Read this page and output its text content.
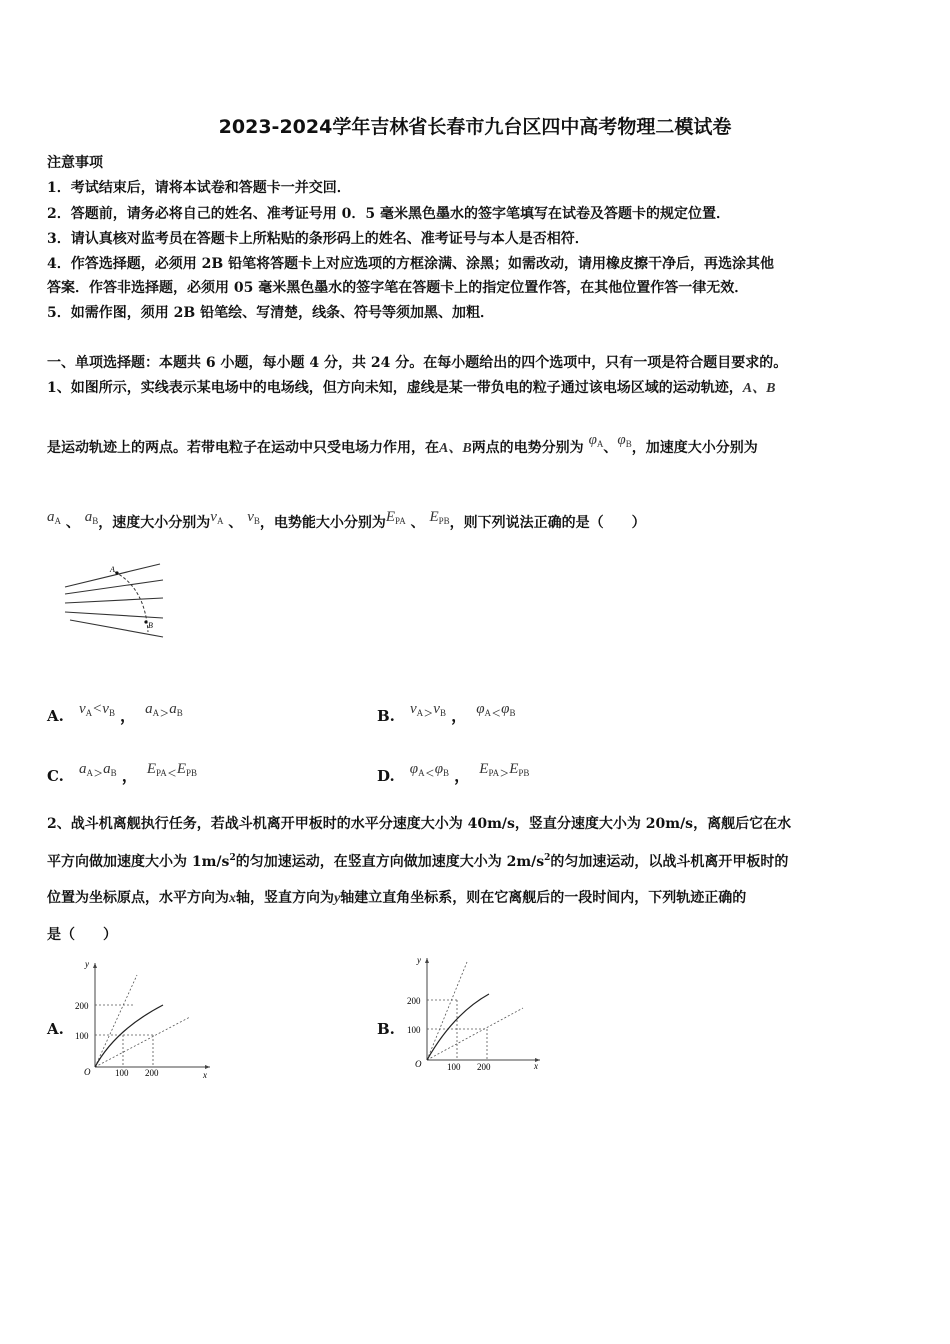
2023-2024学年吉林省长春市九台区四中高考物理二模试卷
注意事项
1．考试结束后，请将本试卷和答题卡一并交回．
2．答题前，请务必将自己的姓名、准考证号用 0．5 毫米黑色墨水的签字笔填写在试卷及答题卡的规定位置．
3．请认真核对监考员在答题卡上所粘贴的条形码上的姓名、准考证号与本人是否相符．
4．作答选择题，必须用 2B 铅笔将答题卡上对应选项的方框涂满、涂黑；如需改动，请用橡皮擦干净后，再选涂其他
答案．作答非选择题，必须用 05 毫米黑色墨水的签字笔在答题卡上的指定位置作答，在其他位置作答一律无效．
5．如需作图，须用 2B 铅笔绘、写清楚，线条、符号等须加黑、加粗．
一、单项选择题：本题共 6 小题，每小题 4 分，共 24 分。在每小题给出的四个选项中，只有一项是符合题目要求的。
1、如图所示，实线表示某电场中的电场线，但方向未知，虚线是某一带负电的粒子通过该电场区域的运动轨迹，A、B
是运动轨迹上的两点。若带电粒子在运动中只受电场力作用，在A、B两点的电势分别为 $\varphi_A$、$\varphi_B$，加速度大小分别为
$a_A$ 、 $a_B$，速度大小分别为$v_A$ 、 $v_B$，电势能大小分别为$E_{PA}$ 、 $E_{PB}$，则下列说法正确的是（　　）
A
B
A. $v_A<v_B$ ， $a_A>a_B$	B. $v_A>v_B$ ， $\varphi_A<\varphi_B$
C. $a_A>a_B$ ， $E_{PA}<E_{PB}$	D. $\varphi_A<\varphi_B$ ， $E_{PA}>E_{PB}$
2、战斗机离舰执行任务，若战斗机离开甲板时的水平分速度大小为 40m/s，竖直分速度大小为 20m/s，离舰后它在水
平方向做加速度大小为 $1m/s^2$的匀加速运动，在竖直方向做加速度大小为 $2m/s^2$的匀加速运动，以战斗机离开甲板时的
位置为坐标原点，水平方向为x轴，竖直方向为y轴建立直角坐标系，则在它离舰后的一段时间内，下列轨迹正确的
是（　　）
A.
y
x
O
200
100
100 200
B.
y
x
O
200
100
100 200
